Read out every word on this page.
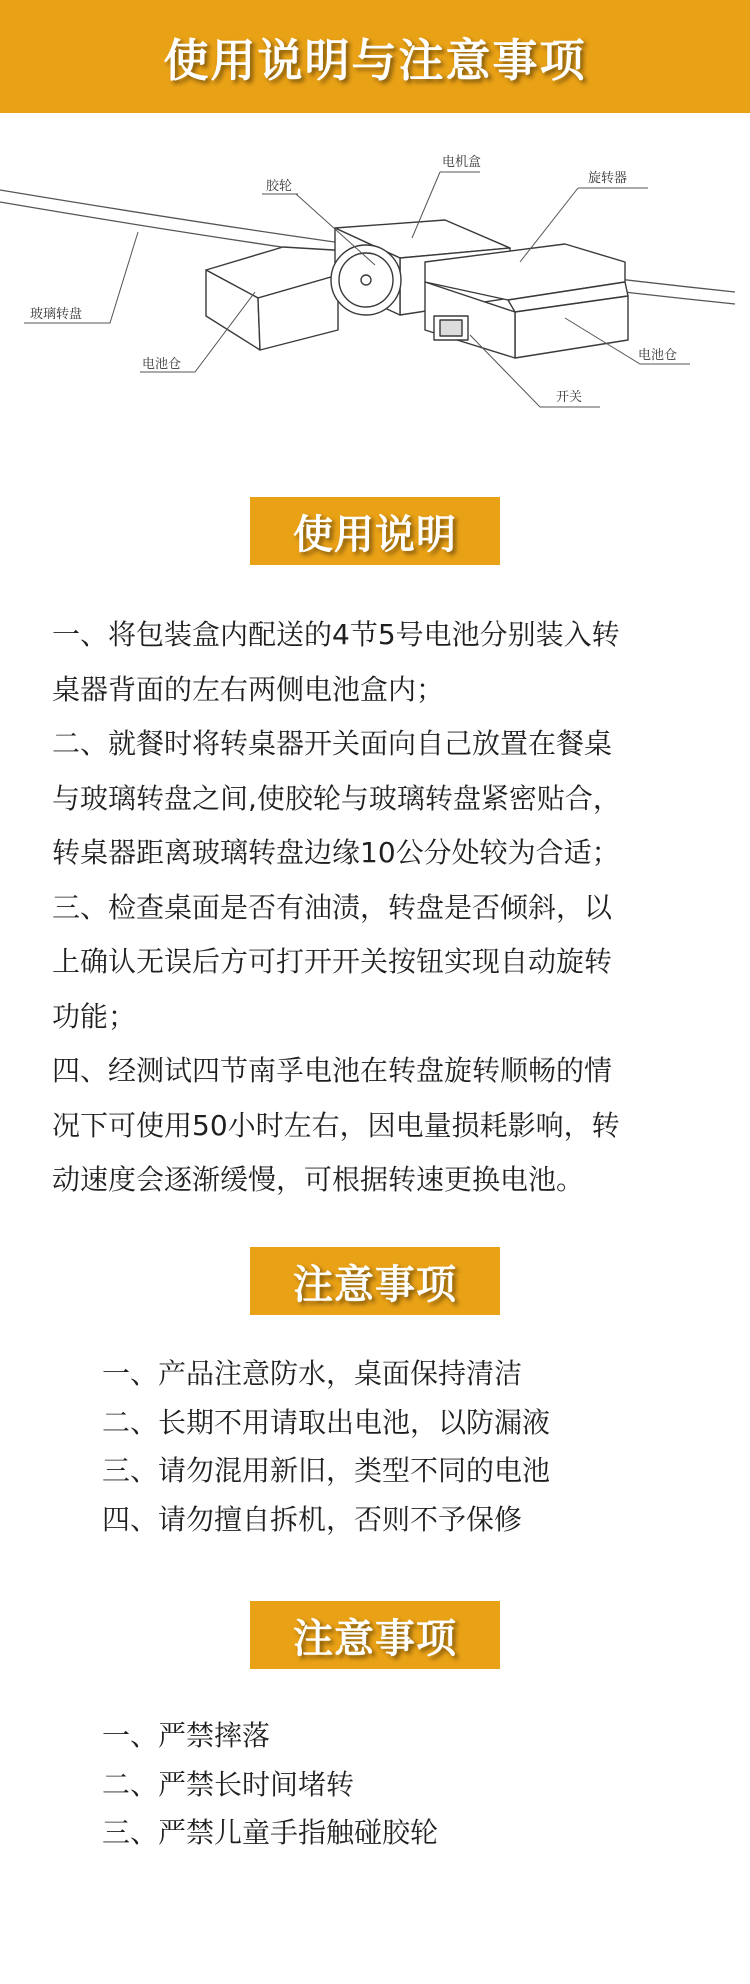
使用说明与注意事项
玻璃转盘
胶轮
电机盒
旋转器
电池仓
电池仓
开关
使用说明

一、将包装盒内配送的4节5号电池分别装入转

桌器背面的左右两侧电池盒内；

二、就餐时将转桌器开关面向自己放置在餐桌

与玻璃转盘之间,使胶轮与玻璃转盘紧密贴合，

转桌器距离玻璃转盘边缘10公分处较为合适；

三、检查桌面是否有油渍，转盘是否倾斜，以

上确认无误后方可打开开关按钮实现自动旋转

功能；

四、经测试四节南孚电池在转盘旋转顺畅的情

况下可使用50小时左右，因电量损耗影响，转

动速度会逐渐缓慢，可根据转速更换电池。

注意事项

一、产品注意防水，桌面保持清洁

二、长期不用请取出电池，以防漏液

三、请勿混用新旧，类型不同的电池

四、请勿擅自拆机，否则不予保修

注意事项

一、严禁摔落

二、严禁长时间堵转

三、严禁儿童手指触碰胶轮
